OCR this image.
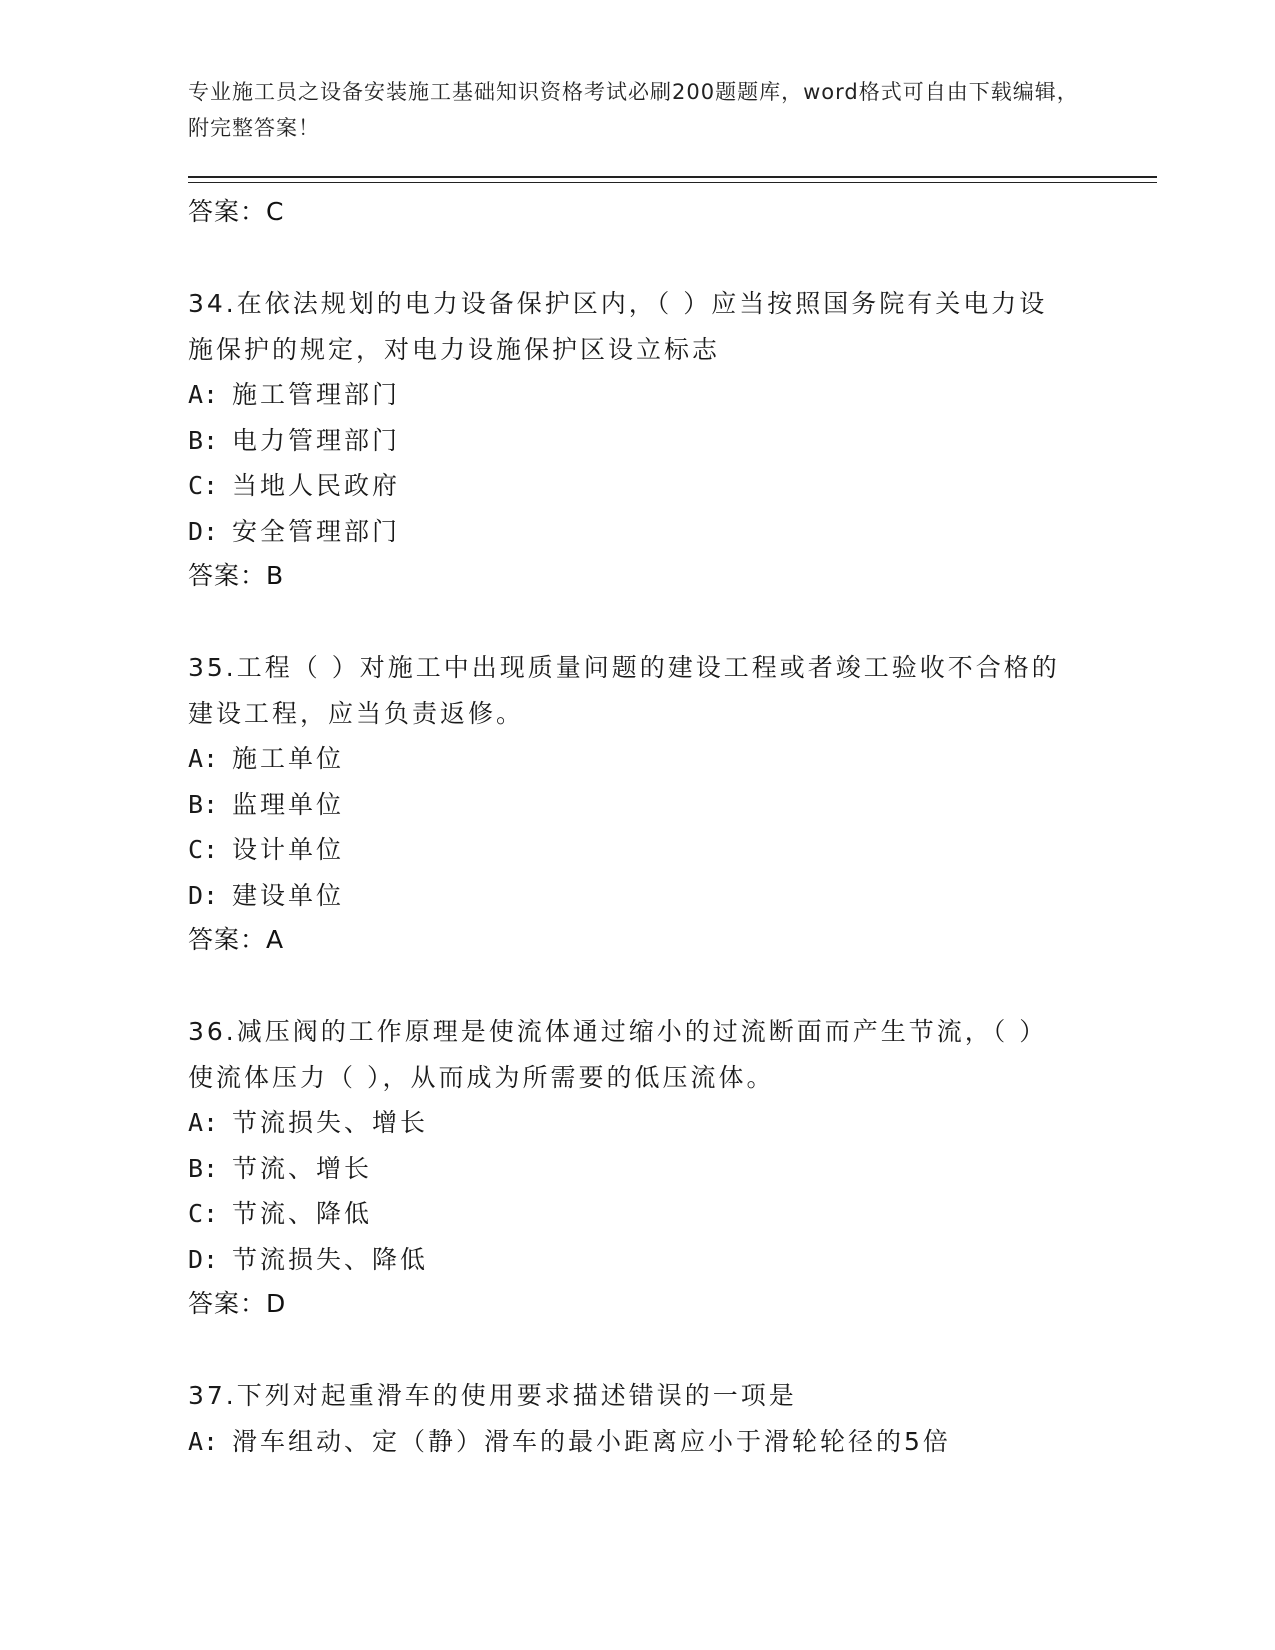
专业施工员之设备安装施工基础知识资格考试必刷200题题库，word格式可自由下载编辑，附完整答案！
答案：C
34.在依法规划的电力设备保护区内，（ ）应当按照国务院有关电力设施保护的规定，对电力设施保护区设立标志
A: 施工管理部门
B: 电力管理部门
C: 当地人民政府
D: 安全管理部门
答案：B
35.工程（ ）对施工中出现质量问题的建设工程或者竣工验收不合格的建设工程，应当负责返修。
A: 施工单位
B: 监理单位
C: 设计单位
D: 建设单位
答案：A
36.减压阀的工作原理是使流体通过缩小的过流断面而产生节流，（ ）使流体压力（ ），从而成为所需要的低压流体。
A: 节流损失、增长
B: 节流、增长
C: 节流、降低
D: 节流损失、降低
答案：D
37.下列对起重滑车的使用要求描述错误的一项是
A: 滑车组动、定（静）滑车的最小距离应小于滑轮轮径的5倍
